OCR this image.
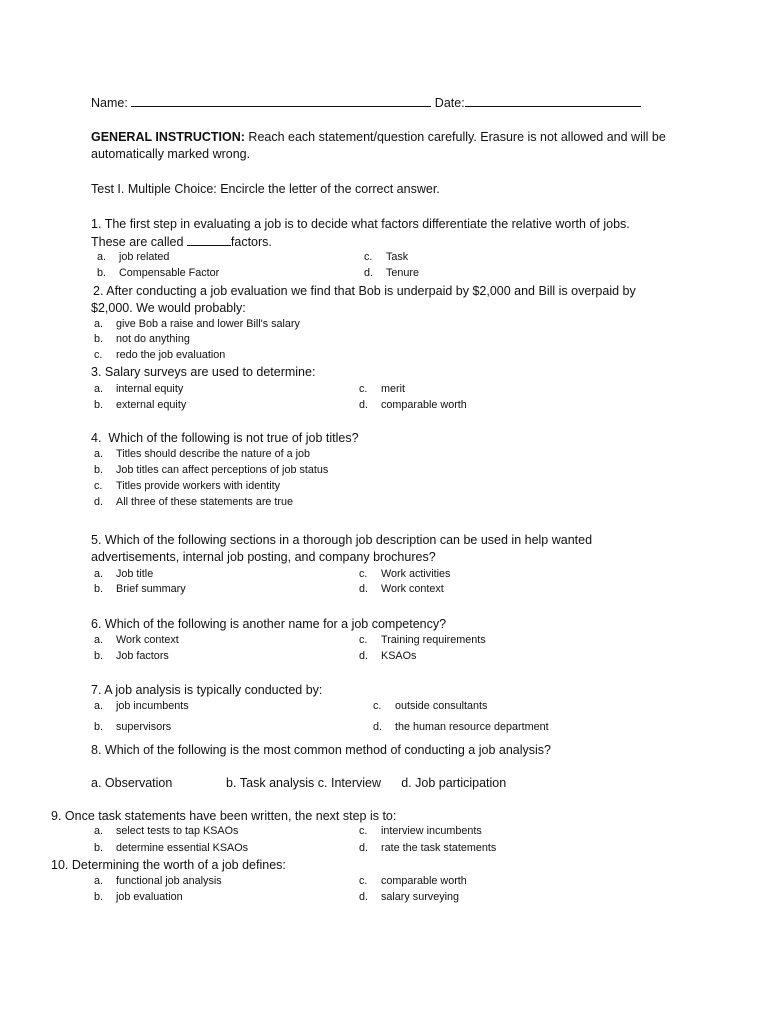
Name:	Date:
GENERAL INSTRUCTION: Reach each statement/question carefully. Erasure is not allowed and will be
automatically marked wrong.
Test I. Multiple Choice: Encircle the letter of the correct answer.
1. The first step in evaluating a job is to decide what factors differentiate the relative worth of jobs.
These are called	factors.
a. job related
b. Compensable Factor
c. Task
d. Tenure
2. After conducting a job evaluation we find that Bob is underpaid by $2,000 and Bill is overpaid by
$2,000. We would probably:
a. give Bob a raise and lower Bill's salary
b. not do anything
c. redo the job evaluation
3. Salary surveys are used to determine:
a. internal equity
b. external equity
c. merit
d. comparable worth
4. Which of the following is not true of job titles?
a. Titles should describe the nature of a job
b. Job titles can affect perceptions of job status
c. Titles provide workers with identity
d. All three of these statements are true
5. Which of the following sections in a thorough job description can be used in help wanted
advertisements, internal job posting, and company brochures?
a. Job title
b. Brief summary
c. Work activities
d. Work context
6. Which of the following is another name for a job competency?
a. Work context
b. Job factors
c. Training requirements
d. KSAOs
7. A job analysis is typically conducted by:
a. job incumbents
b. supervisors
c. outside consultants
d. the human resource department
8. Which of the following is the most common method of conducting a job analysis?
a. Observation	b. Task analysis c. Interview d. Job participation
9. Once task statements have been written, the next step is to:
a. select tests to tap KSAOs
b. determine essential KSAOs
c. interview incumbents
d. rate the task statements
10. Determining the worth of a job defines:
a. functional job analysis
b. job evaluation
c. comparable worth
d. salary surveying
